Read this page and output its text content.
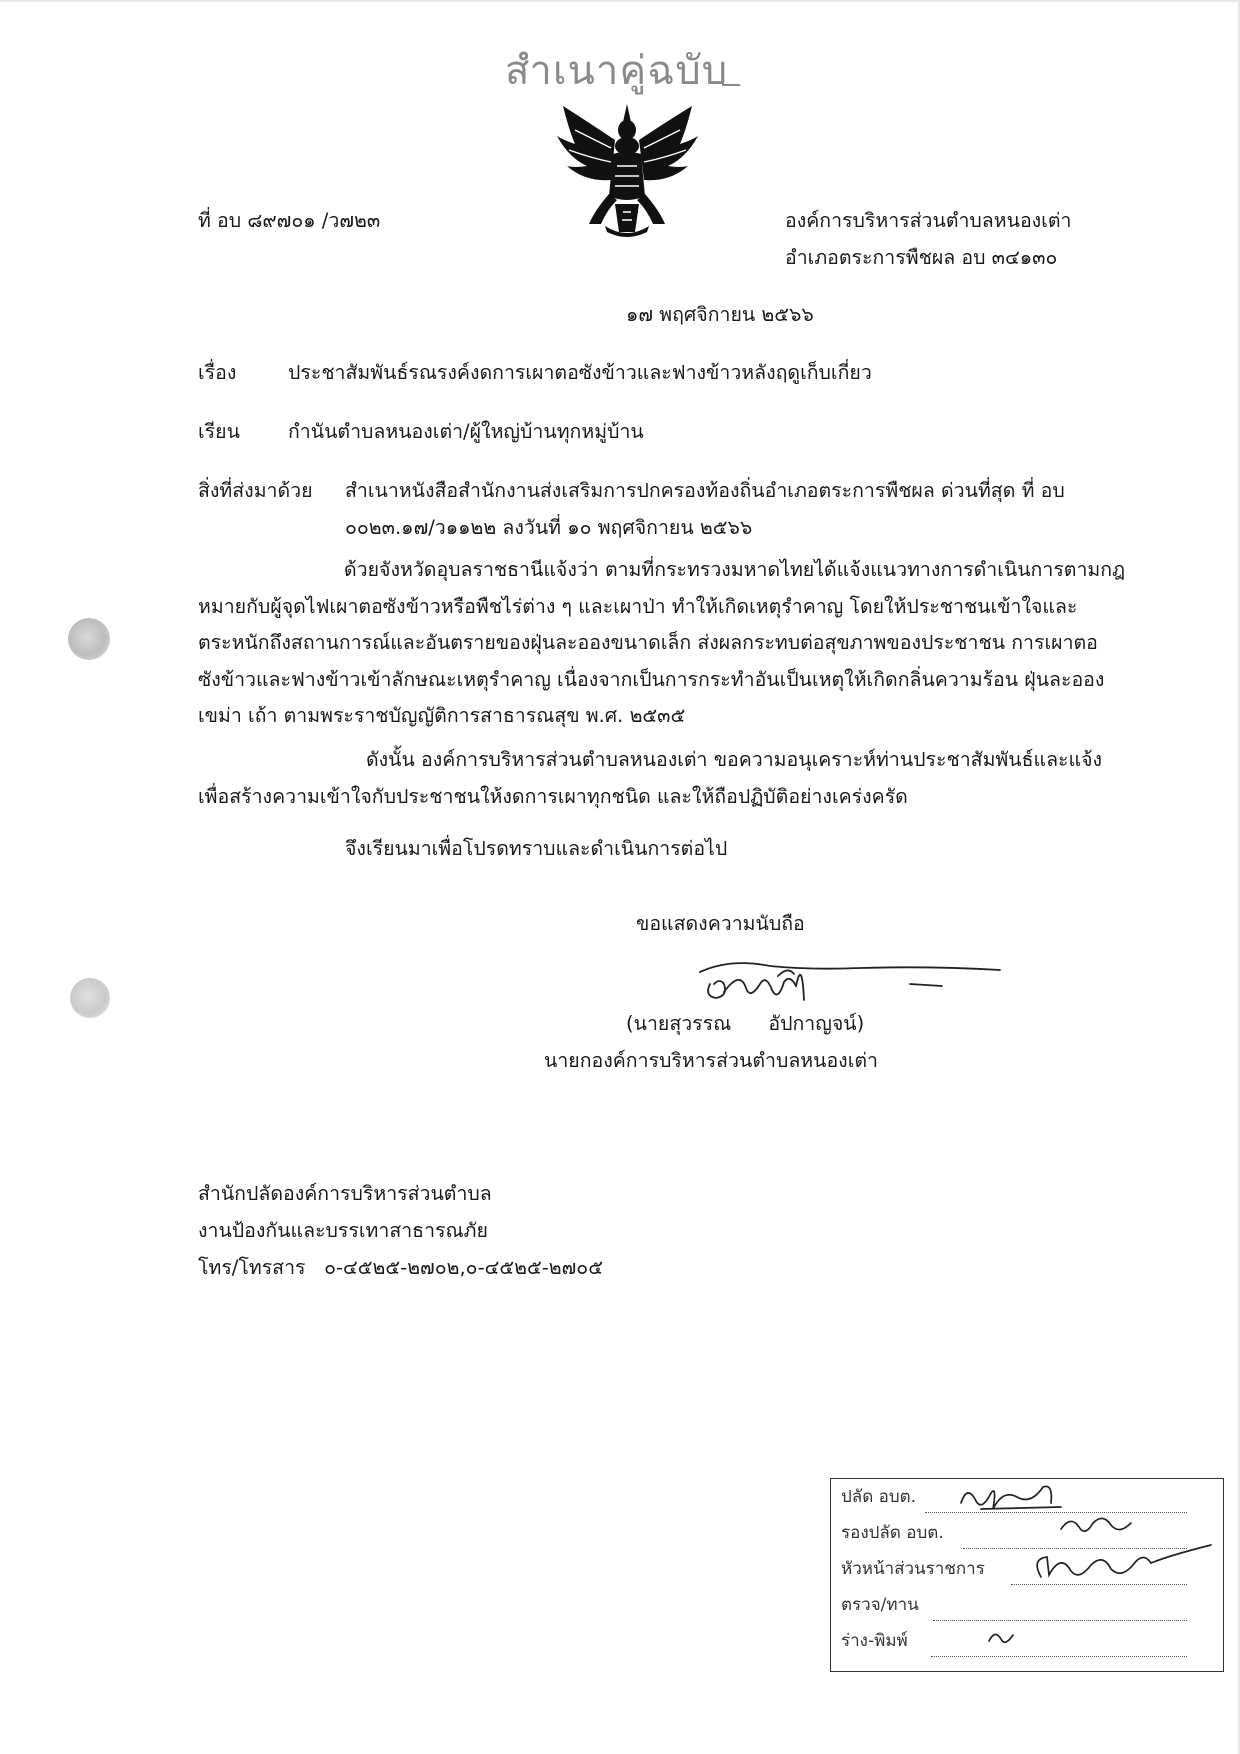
สำเนาคู่ฉบับ
ที่ อบ ๘๙๗๐๑ /ว๗๒๓	องค์การบริหารส่วนตำบลหนองเต่า
อำเภอตระการพืชผล อบ ๓๔๑๓๐
๑๗ พฤศจิกายน ๒๕๖๖
เรื่อง	ประชาสัมพันธ์รณรงค์งดการเผาตอซังข้าวและฟางข้าวหลังฤดูเก็บเกี่ยว
เรียน กำนันตำบลหนองเต่า/ผู้ใหญ่บ้านทุกหมู่บ้าน
สิ่งที่ส่งมาด้วย สำเนาหนังสือสำนักงานส่งเสริมการปกครองท้องถิ่นอำเภอตระการพืชผล ด่วนที่สุด ที่ อบ
๐๐๒๓.๑๗/ว๑๑๒๒ ลงวันที่ ๑๐ พฤศจิกายน ๒๕๖๖
ด้วยจังหวัดอุบลราชธานีแจ้งว่า ตามที่กระทรวงมหาดไทยได้แจ้งแนวทางการดำเนินการตามกฎ
หมายกับผู้จุดไฟเผาตอซังข้าวหรือพืชไร่ต่าง ๆ และเผาป่า ทำให้เกิดเหตุรำคาญ โดยให้ประชาชนเข้าใจและ
ตระหนักถึงสถานการณ์และอันตรายของฝุ่นละอองขนาดเล็ก ส่งผลกระทบต่อสุขภาพของประชาชน การเผาตอ
ซังข้าวและฟางข้าวเข้าลักษณะเหตุรำคาญ เนื่องจากเป็นการกระทำอันเป็นเหตุให้เกิดกลิ่นความร้อน ฝุ่นละออง
เขม่า เถ้า ตามพระราชบัญญัติการสาธารณสุข พ.ศ. ๒๕๓๕
ดังนั้น องค์การบริหารส่วนตำบลหนองเต่า ขอความอนุเคราะห์ท่านประชาสัมพันธ์และแจ้ง
เพื่อสร้างความเข้าใจกับประชาชนให้งดการเผาทุกชนิด และให้ถือปฏิบัติอย่างเคร่งครัด
จึงเรียนมาเพื่อโปรดทราบและดำเนินการต่อไป
ขอแสดงความนับถือ
(นายสุวรรณ      อัปกาญจน์)
นายกองค์การบริหารส่วนตำบลหนองเต่า
สำนักปลัดองค์การบริหารส่วนตำบล
งานป้องกันและบรรเทาสาธารณภัย
โทร/โทรสาร   ๐-๔๕๒๕-๒๗๐๒,๐-๔๕๒๕-๒๗๐๕
ปลัด อบต.
รองปลัด อบต.
หัวหน้าส่วนราชการ
ตรวจ/ทาน
ร่าง-พิมพ์
